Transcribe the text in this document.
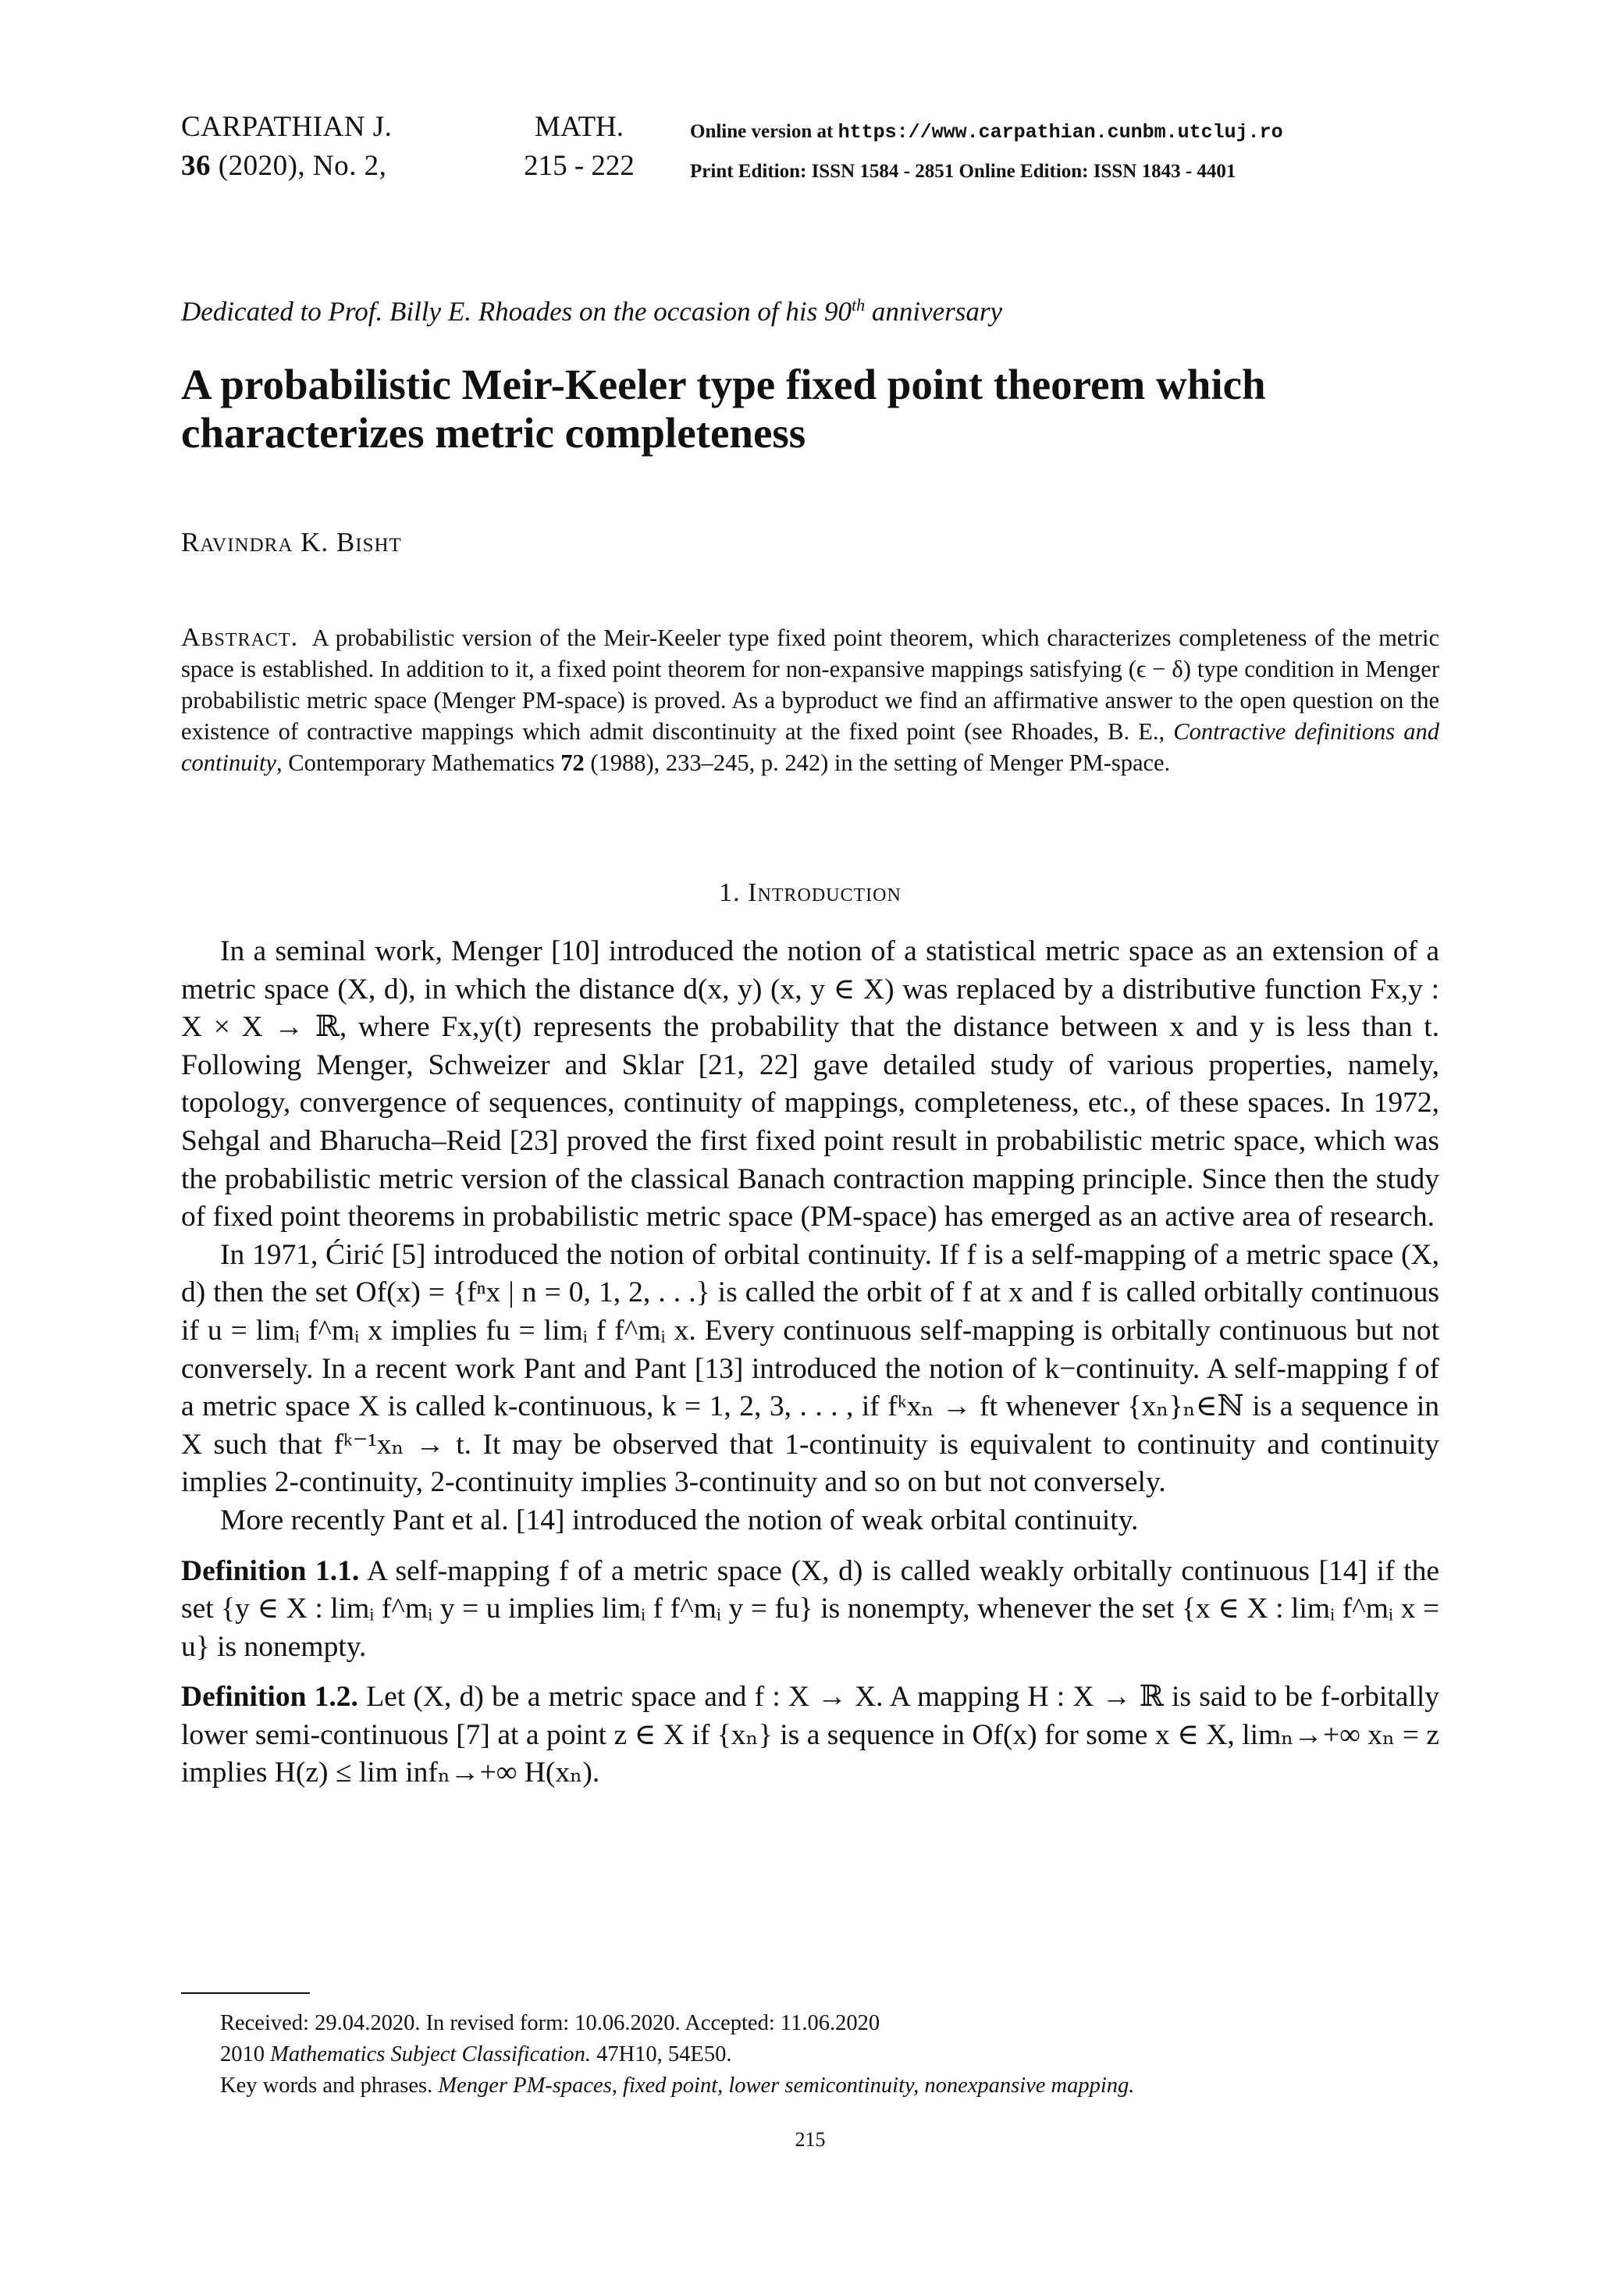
CARPATHIAN J.
36 (2020), No. 2,
MATH.
215 - 222
Online version at https://www.carpathian.cunbm.utcluj.ro
Print Edition: ISSN 1584 - 2851 Online Edition: ISSN 1843 - 4401
Dedicated to Prof. Billy E. Rhoades on the occasion of his 90th anniversary
A probabilistic Meir-Keeler type fixed point theorem which characterizes metric completeness
Ravindra K. Bisht
Abstract. A probabilistic version of the Meir-Keeler type fixed point theorem, which characterizes completeness of the metric space is established. In addition to it, a fixed point theorem for non-expansive mappings satisfying (ϵ − δ) type condition in Menger probabilistic metric space (Menger PM-space) is proved. As a byproduct we find an affirmative answer to the open question on the existence of contractive mappings which admit discontinuity at the fixed point (see Rhoades, B. E., Contractive definitions and continuity, Contemporary Mathematics 72 (1988), 233–245, p. 242) in the setting of Menger PM-space.
1. Introduction

In a seminal work, Menger [10] introduced the notion of a statistical metric space as an extension of a metric space (X, d), in which the distance d(x, y) (x, y ∈ X) was replaced by a distributive function Fx,y : X × X → ℝ, where Fx,y(t) represents the probability that the distance between x and y is less than t. Following Menger, Schweizer and Sklar [21, 22] gave detailed study of various properties, namely, topology, convergence of sequences, continuity of mappings, completeness, etc., of these spaces. In 1972, Sehgal and Bharucha–Reid [23] proved the first fixed point result in probabilistic metric space, which was the probabilistic metric version of the classical Banach contraction mapping principle. Since then the study of fixed point theorems in probabilistic metric space (PM-space) has emerged as an active area of research.

In 1971, Ćirić [5] introduced the notion of orbital continuity. If f is a self-mapping of a metric space (X, d) then the set Of(x) = {fⁿx | n = 0, 1, 2, . . .} is called the orbit of f at x and f is called orbitally continuous if u = limᵢ f^mᵢ x implies fu = limᵢ f f^mᵢ x. Every continuous self-mapping is orbitally continuous but not conversely. In a recent work Pant and Pant [13] introduced the notion of k−continuity. A self-mapping f of a metric space X is called k-continuous, k = 1, 2, 3, . . . , if fᵏxₙ → ft whenever {xₙ}ₙ∈ℕ is a sequence in X such that fᵏ⁻¹xₙ → t. It may be observed that 1-continuity is equivalent to continuity and continuity implies 2-continuity, 2-continuity implies 3-continuity and so on but not conversely.

More recently Pant et al. [14] introduced the notion of weak orbital continuity.

Definition 1.1. A self-mapping f of a metric space (X, d) is called weakly orbitally continuous [14] if the set {y ∈ X : limᵢ f^mᵢ y = u implies limᵢ f f^mᵢ y = fu} is nonempty, whenever the set {x ∈ X : limᵢ f^mᵢ x = u} is nonempty.

Definition 1.2. Let (X, d) be a metric space and f : X → X. A mapping H : X → ℝ is said to be f-orbitally lower semi-continuous [7] at a point z ∈ X if {xₙ} is a sequence in Of(x) for some x ∈ X, limₙ→+∞ xₙ = z implies H(z) ≤ lim infₙ→+∞ H(xₙ).

Received: 29.04.2020. In revised form: 10.06.2020. Accepted: 11.06.2020

2010 Mathematics Subject Classification. 47H10, 54E50.

Key words and phrases. Menger PM-spaces, fixed point, lower semicontinuity, nonexpansive mapping.

215
